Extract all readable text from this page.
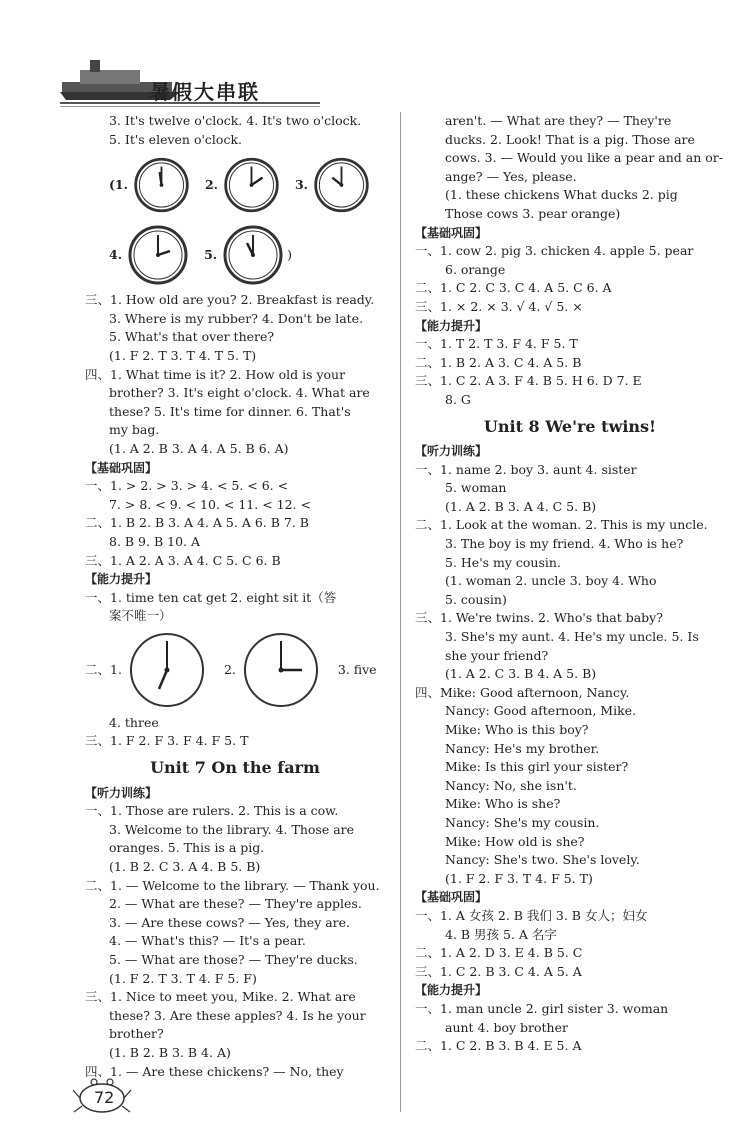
暑假大串联
3. It's twelve o'clock. 4. It's two o'clock.
5. It's eleven o'clock.
(1.	2.	3.
4.	5.	)
三、1. How old are you? 2. Breakfast is ready.
3. Where is my rubber? 4. Don't be late.
5. What's that over there?
(1. F 2. T 3. T 4. T 5. T)
四、1. What time is it? 2. How old is your
brother? 3. It's eight o'clock. 4. What are
these? 5. It's time for dinner. 6. That's
my bag.
(1. A 2. B 3. A 4. A 5. B 6. A)
【基础巩固】
一、1. > 2. > 3. > 4. < 5. < 6. <
7. > 8. < 9. < 10. < 11. < 12. <
二、1. B 2. B 3. A 4. A 5. A 6. B 7. B
8. B 9. B 10. A
三、1. A 2. A 3. A 4. C 5. C 6. B
【能力提升】
一、1. time ten cat get 2. eight sit it（答
案不唯一）
二、1.	2.	3. five
4. three
三、1. F 2. F 3. F 4. F 5. T
Unit 7 On the farm
【听力训练】
一、1. Those are rulers. 2. This is a cow.
3. Welcome to the library. 4. Those are
oranges. 5. This is a pig.
(1. B 2. C 3. A 4. B 5. B)
二、1. — Welcome to the library. — Thank you.
2. — What are these? — They're apples.
3. — Are these cows? — Yes, they are.
4. — What's this? — It's a pear.
5. — What are those? — They're ducks.
(1. F 2. T 3. T 4. F 5. F)
三、1. Nice to meet you, Mike. 2. What are
these? 3. Are these apples? 4. Is he your
brother?
(1. B 2. B 3. B 4. A)
四、1. — Are these chickens? — No, they
aren't. — What are they? — They're
ducks. 2. Look! That is a pig. Those are
cows. 3. — Would you like a pear and an or-
ange? — Yes, please.
(1. these chickens What ducks 2. pig
Those cows 3. pear orange)
【基础巩固】
一、1. cow 2. pig 3. chicken 4. apple 5. pear
6. orange
二、1. C 2. C 3. C 4. A 5. C 6. A
三、1. × 2. × 3. √ 4. √ 5. ×
【能力提升】
一、1. T 2. T 3. F 4. F 5. T
二、1. B 2. A 3. C 4. A 5. B
三、1. C 2. A 3. F 4. B 5. H 6. D 7. E
8. G
Unit 8 We're twins!
【听力训练】
一、1. name 2. boy 3. aunt 4. sister
5. woman
(1. A 2. B 3. A 4. C 5. B)
二、1. Look at the woman. 2. This is my uncle.
3. The boy is my friend. 4. Who is he?
5. He's my cousin.
(1. woman 2. uncle 3. boy 4. Who
5. cousin)
三、1. We're twins. 2. Who's that baby?
3. She's my aunt. 4. He's my uncle. 5. Is
she your friend?
(1. A 2. C 3. B 4. A 5. B)
四、Mike: Good afternoon, Nancy.
Nancy: Good afternoon, Mike.
Mike: Who is this boy?
Nancy: He's my brother.
Mike: Is this girl your sister?
Nancy: No, she isn't.
Mike: Who is she?
Nancy: She's my cousin.
Mike: How old is she?
Nancy: She's two. She's lovely.
(1. F 2. F 3. T 4. F 5. T)
【基础巩固】
一、1. A 女孩 2. B 我们 3. B 女人；妇女
4. B 男孩 5. A 名字
二、1. A 2. D 3. E 4. B 5. C
三、1. C 2. B 3. C 4. A 5. A
【能力提升】
一、1. man uncle 2. girl sister 3. woman
aunt 4. boy brother
二、1. C 2. B 3. B 4. E 5. A
72
